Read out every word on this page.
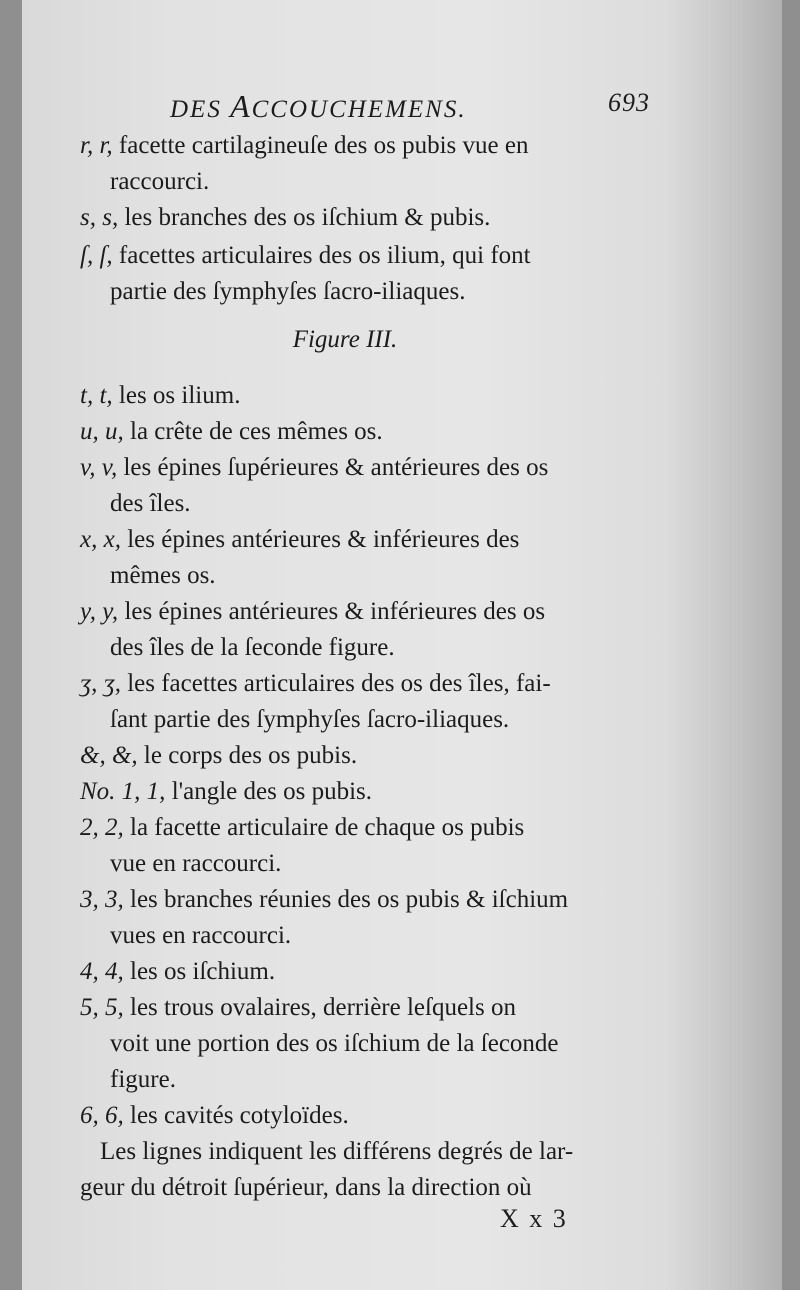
DES ACCOUCHEMENS.	693
r, r, facette cartilagineuſe des os pubis vue en
raccourci.
s, s, les branches des os iſchium & pubis.
ſ, ſ, facettes articulaires des os ilium, qui font
partie des ſymphyſes ſacro-iliaques.
Figure III.
t, t, les os ilium.
u, u, la crête de ces mêmes os.
v, v, les épines ſupérieures & antérieures des os
des îles.
x, x, les épines antérieures & inférieures des
mêmes os.
y, y, les épines antérieures & inférieures des os
des îles de la ſeconde figure.
ʒ, ʒ, les facettes articulaires des os des îles, fai-
ſant partie des ſymphyſes ſacro-iliaques.
&, &, le corps des os pubis.
No. 1, 1, l'angle des os pubis.
2, 2, la facette articulaire de chaque os pubis
vue en raccourci.
3, 3, les branches réunies des os pubis & iſchium
vues en raccourci.
4, 4, les os iſchium.
5, 5, les trous ovalaires, derrière leſquels on
voit une portion des os iſchium de la ſeconde
figure.
6, 6, les cavités cotyloïdes.
Les lignes indiquent les différens degrés de lar-
geur du détroit ſupérieur, dans la direction où
X x 3
